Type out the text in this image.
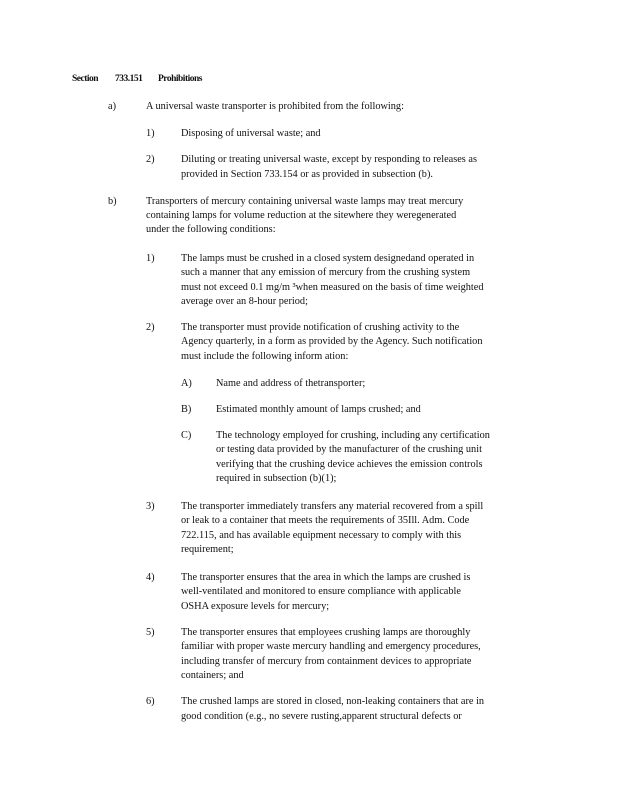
Section 733.151 Prohibitions
a)	A universal waste transporter is prohibited from the following:
1)	Disposing of universal waste; and
2)	Diluting or treating universal waste, except by responding to releases as
provided in Section 733.154 or as provided in subsection (b).
b)	Transporters of mercury containing universal waste lamps may treat mercury
containing lamps for volume reduction at the sitewhere they weregenerated
under the following conditions:
1)	The lamps must be crushed in a closed system designedand operated in
such a manner that any emission of mercury from the crushing system
must not exceed 0.1 mg/m ³when measured on the basis of time weighted
average over an 8-hour period;
2)	The transporter must provide notification of crushing activity to the
Agency quarterly, in a form as provided by the Agency. Such notification
must include the following inform ation:
A) Name and address of thetransporter;
B) Estimated monthly amount of lamps crushed; and
C) The technology employed for crushing, including any certification
or testing data provided by the manufacturer of the crushing unit
verifying that the crushing device achieves the emission controls
required in subsection (b)(1);
3)	The transporter immediately transfers any material recovered from a spill
or leak to a container that meets the requirements of 35Ill. Adm. Code
722.115, and has available equipment necessary to comply with this
requirement;
4)	The transporter ensures that the area in which the lamps are crushed is
well-ventilated and monitored to ensure compliance with applicable
OSHA exposure levels for mercury;
5)	The transporter ensures that employees crushing lamps are thoroughly
familiar with proper waste mercury handling and emergency procedures,
including transfer of mercury from containment devices to appropriate
containers; and
6)	The crushed lamps are stored in closed, non-leaking containers that are in
good condition (e.g., no severe rusting,apparent structural defects or
